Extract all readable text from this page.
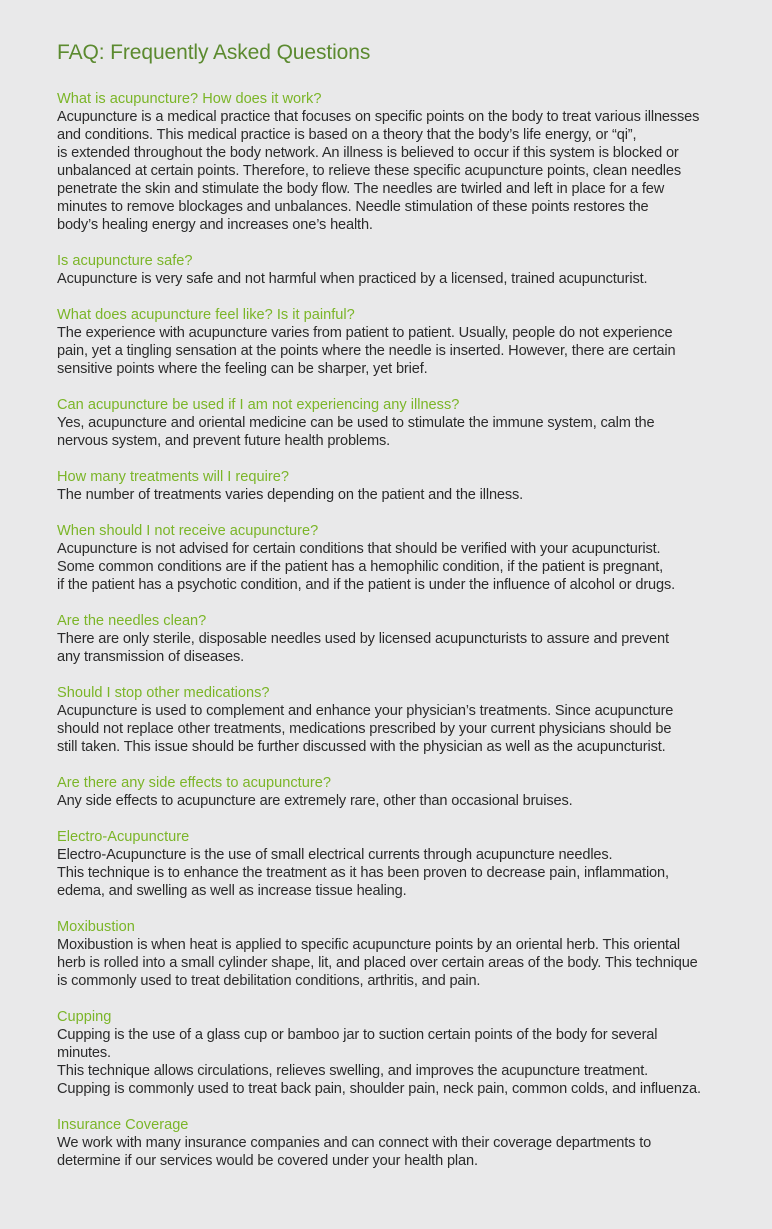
FAQ: Frequently Asked Questions
What is acupuncture? How does it work?

Acupuncture is a medical practice that focuses on specific points on the body to treat various illnesses

and conditions. This medical practice is based on a theory that the body’s life energy, or “qi”,

is extended throughout the body network. An illness is believed to occur if this system is blocked or

unbalanced at certain points. Therefore, to relieve these specific acupuncture points, clean needles

penetrate the skin and stimulate the body flow. The needles are twirled and left in place for a few

minutes to remove blockages and unbalances. Needle stimulation of these points restores the

body’s healing energy and increases one’s health.

Is acupuncture safe?

Acupuncture is very safe and not harmful when practiced by a licensed, trained acupuncturist.

What does acupuncture feel like? Is it painful?

The experience with acupuncture varies from patient to patient. Usually, people do not experience

pain, yet a tingling sensation at the points where the needle is inserted. However, there are certain

sensitive points where the feeling can be sharper, yet brief.

Can acupuncture be used if I am not experiencing any illness?

Yes, acupuncture and oriental medicine can be used to stimulate the immune system, calm the

nervous system, and prevent future health problems.

How many treatments will I require?

The number of treatments varies depending on the patient and the illness.

When should I not receive acupuncture?

Acupuncture is not advised for certain conditions that should be verified with your acupuncturist.

Some common conditions are if the patient has a hemophilic condition, if the patient is pregnant,

if the patient has a psychotic condition, and if the patient is under the influence of alcohol or drugs.

Are the needles clean?

There are only sterile, disposable needles used by licensed acupuncturists to assure and prevent

any transmission of diseases.

Should I stop other medications?

Acupuncture is used to complement and enhance your physician’s treatments. Since acupuncture

should not replace other treatments, medications prescribed by your current physicians should be

still taken. This issue should be further discussed with the physician as well as the acupuncturist.

Are there any side effects to acupuncture?

Any side effects to acupuncture are extremely rare, other than occasional bruises.

Electro-Acupuncture

Electro-Acupuncture is the use of small electrical currents through acupuncture needles.

This technique is to enhance the treatment as it has been proven to decrease pain, inflammation,

edema, and swelling as well as increase tissue healing.

Moxibustion

Moxibustion is when heat is applied to specific acupuncture points by an oriental herb. This oriental

herb is rolled into a small cylinder shape, lit, and placed over certain areas of the body. This technique

is commonly used to treat debilitation conditions, arthritis, and pain.

Cupping

Cupping is the use of a glass cup or bamboo jar to suction certain points of the body for several

minutes.

This technique allows circulations, relieves swelling, and improves the acupuncture treatment.

Cupping is commonly used to treat back pain, shoulder pain, neck pain, common colds, and influenza.

Insurance Coverage

We work with many insurance companies and can connect with their coverage departments to

determine if our services would be covered under your health plan.
